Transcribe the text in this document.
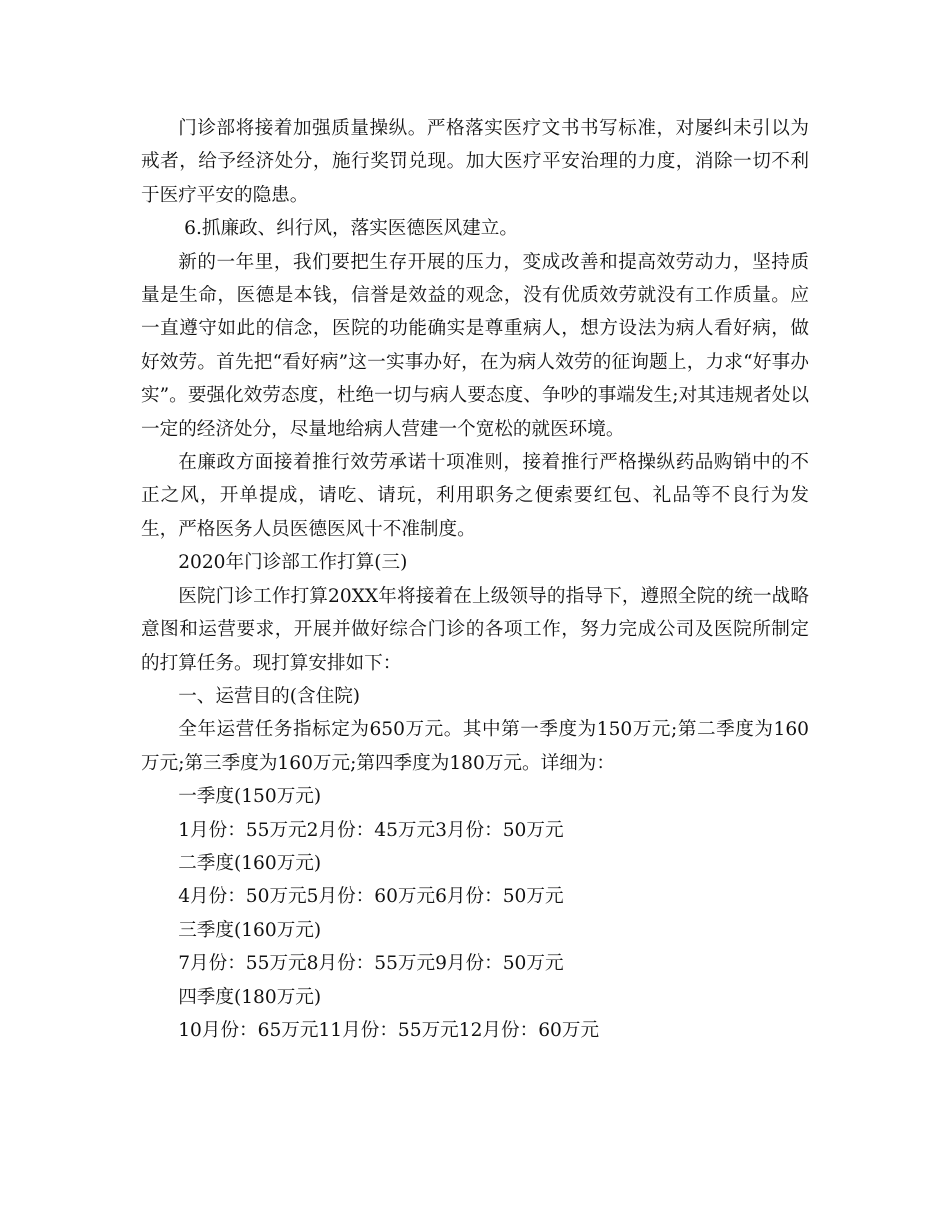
门诊部将接着加强质量操纵。严格落实医疗文书书写标准，对屡纠未引以为戒者，给予经济处分，施行奖罚兑现。加大医疗平安治理的力度，消除一切不利于医疗平安的隐患。

6.抓廉政、纠行风，落实医德医风建立。

新的一年里，我们要把生存开展的压力，变成改善和提高效劳动力，坚持质量是生命，医德是本钱，信誉是效益的观念，没有优质效劳就没有工作质量。应一直遵守如此的信念，医院的功能确实是尊重病人，想方设法为病人看好病，做好效劳。首先把“看好病”这一实事办好，在为病人效劳的征询题上，力求“好事办实”。要强化效劳态度，杜绝一切与病人要态度、争吵的事端发生;对其违规者处以一定的经济处分，尽量地给病人营建一个宽松的就医环境。

在廉政方面接着推行效劳承诺十项准则，接着推行严格操纵药品购销中的不正之风，开单提成，请吃、请玩，利用职务之便索要红包、礼品等不良行为发生，严格医务人员医德医风十不准制度。

2020年门诊部工作打算(三)

医院门诊工作打算20XX年将接着在上级领导的指导下，遵照全院的统一战略意图和运营要求，开展并做好综合门诊的各项工作，努力完成公司及医院所制定的打算任务。现打算安排如下：

一、运营目的(含住院)

全年运营任务指标定为650万元。其中第一季度为150万元;第二季度为160万元;第三季度为160万元;第四季度为180万元。详细为：

一季度(150万元)

1月份：55万元2月份：45万元3月份：50万元

二季度(160万元)

4月份：50万元5月份：60万元6月份：50万元

三季度(160万元)

7月份：55万元8月份：55万元9月份：50万元

四季度(180万元)

10月份：65万元11月份：55万元12月份：60万元
